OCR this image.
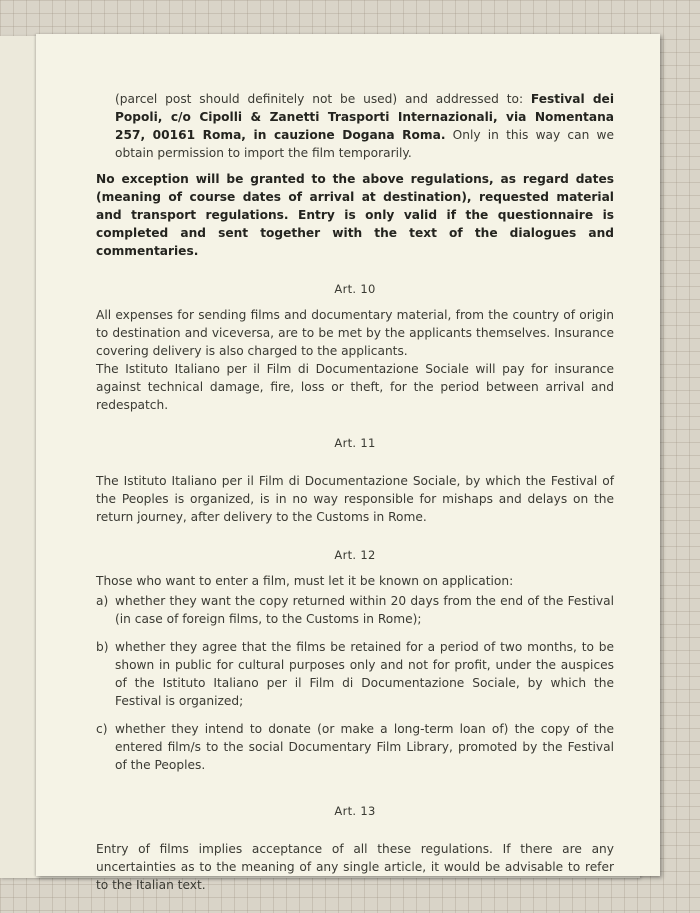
(parcel post should definitely not be used) and addressed to: Festival dei Popoli, c/o Cipolli & Zanetti Trasporti Internazionali, via Nomentana 257, 00161 Roma, in cauzione Dogana Roma. Only in this way can we obtain permission to import the film temporarily.

No exception will be granted to the above regulations, as regard dates (meaning of course dates of arrival at destination), requested material and transport regulations. Entry is only valid if the questionnaire is completed and sent together with the text of the dialogues and commentaries.

Art. 10

All expenses for sending films and documentary material, from the country of origin to destination and viceversa, are to be met by the applicants themselves. Insurance covering delivery is also charged to the applicants.

The Istituto Italiano per il Film di Documentazione Sociale will pay for insurance against technical damage, fire, loss or theft, for the period between arrival and redespatch.

Art. 11

The Istituto Italiano per il Film di Documentazione Sociale, by which the Festival of the Peoples is organized, is in no way responsible for mishaps and delays on the return journey, after delivery to the Customs in Rome.

Art. 12

Those who want to enter a film, must let it be known on application:

a) whether they want the copy returned within 20 days from the end of the Festival (in case of foreign films, to the Customs in Rome);
b) whether they agree that the films be retained for a period of two months, to be shown in public for cultural purposes only and not for profit, under the auspices of the Istituto Italiano per il Film di Documentazione Sociale, by which the Festival is organized;
c) whether they intend to donate (or make a long-term loan of) the copy of the entered film/s to the social Documentary Film Library, promoted by the Festival of the Peoples.

Art. 13

Entry of films implies acceptance of all these regulations. If there are any uncertainties as to the meaning of any single article, it would be advisable to refer to the Italian text.
